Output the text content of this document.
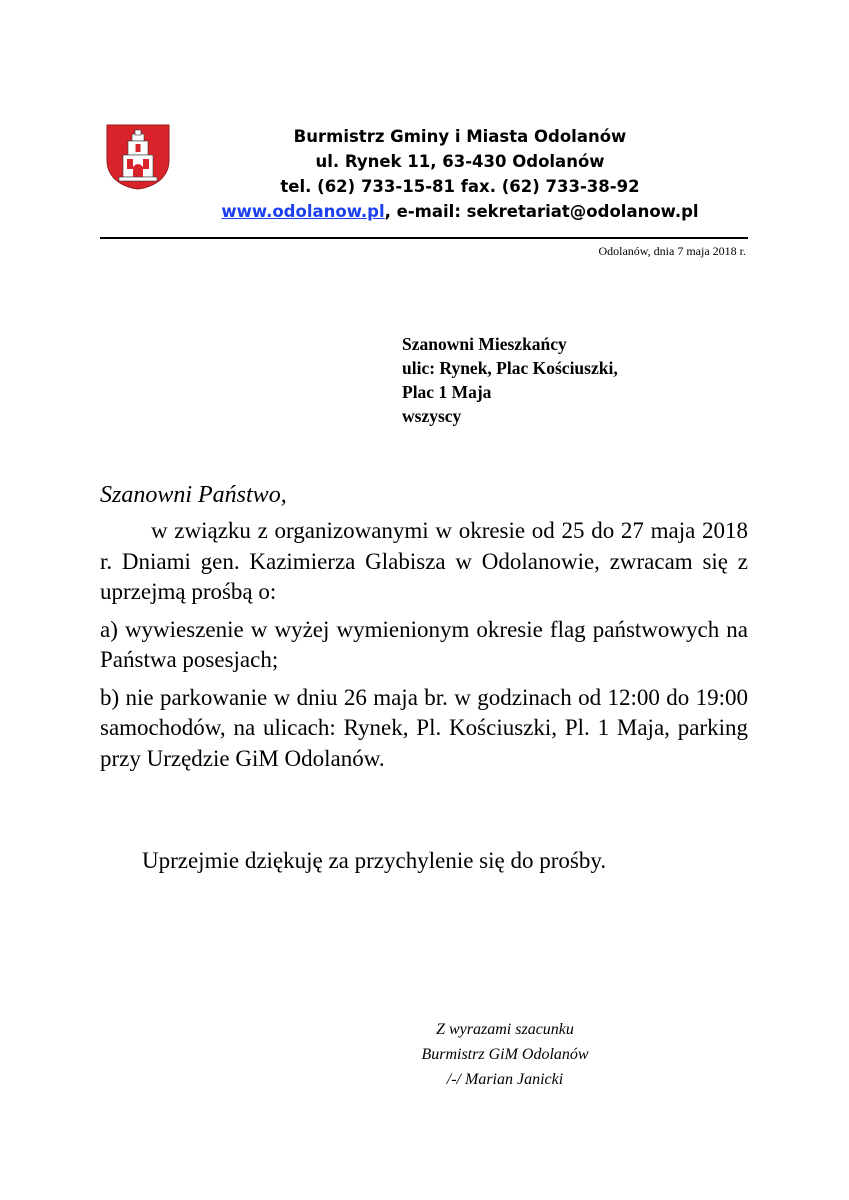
Burmistrz Gminy i Miasta Odolanów
ul. Rynek 11, 63-430 Odolanów
tel. (62) 733-15-81 fax. (62) 733-38-92
www.odolanow.pl, e-mail: sekretariat@odolanow.pl
Odolanów, dnia 7 maja 2018 r.
Szanowni Mieszkańcy
ulic: Rynek, Plac Kościuszki,
Plac 1 Maja
wszyscy
Szanowni Państwo,

w związku z organizowanymi w okresie od 25 do 27 maja 2018 r. Dniami gen. Kazimierza Glabisza w Odolanowie, zwracam się z uprzejmą prośbą o:

a) wywieszenie w wyżej wymienionym okresie flag państwowych na Państwa posesjach;

b) nie parkowanie w dniu 26 maja br. w godzinach od 12:00 do 19:00 samochodów, na ulicach: Rynek, Pl. Kościuszki, Pl. 1 Maja, parking przy Urzędzie GiM Odolanów.

Uprzejmie dziękuję za przychylenie się do prośby.
Z wyrazami szacunku
Burmistrz GiM Odolanów
/-/ Marian Janicki
